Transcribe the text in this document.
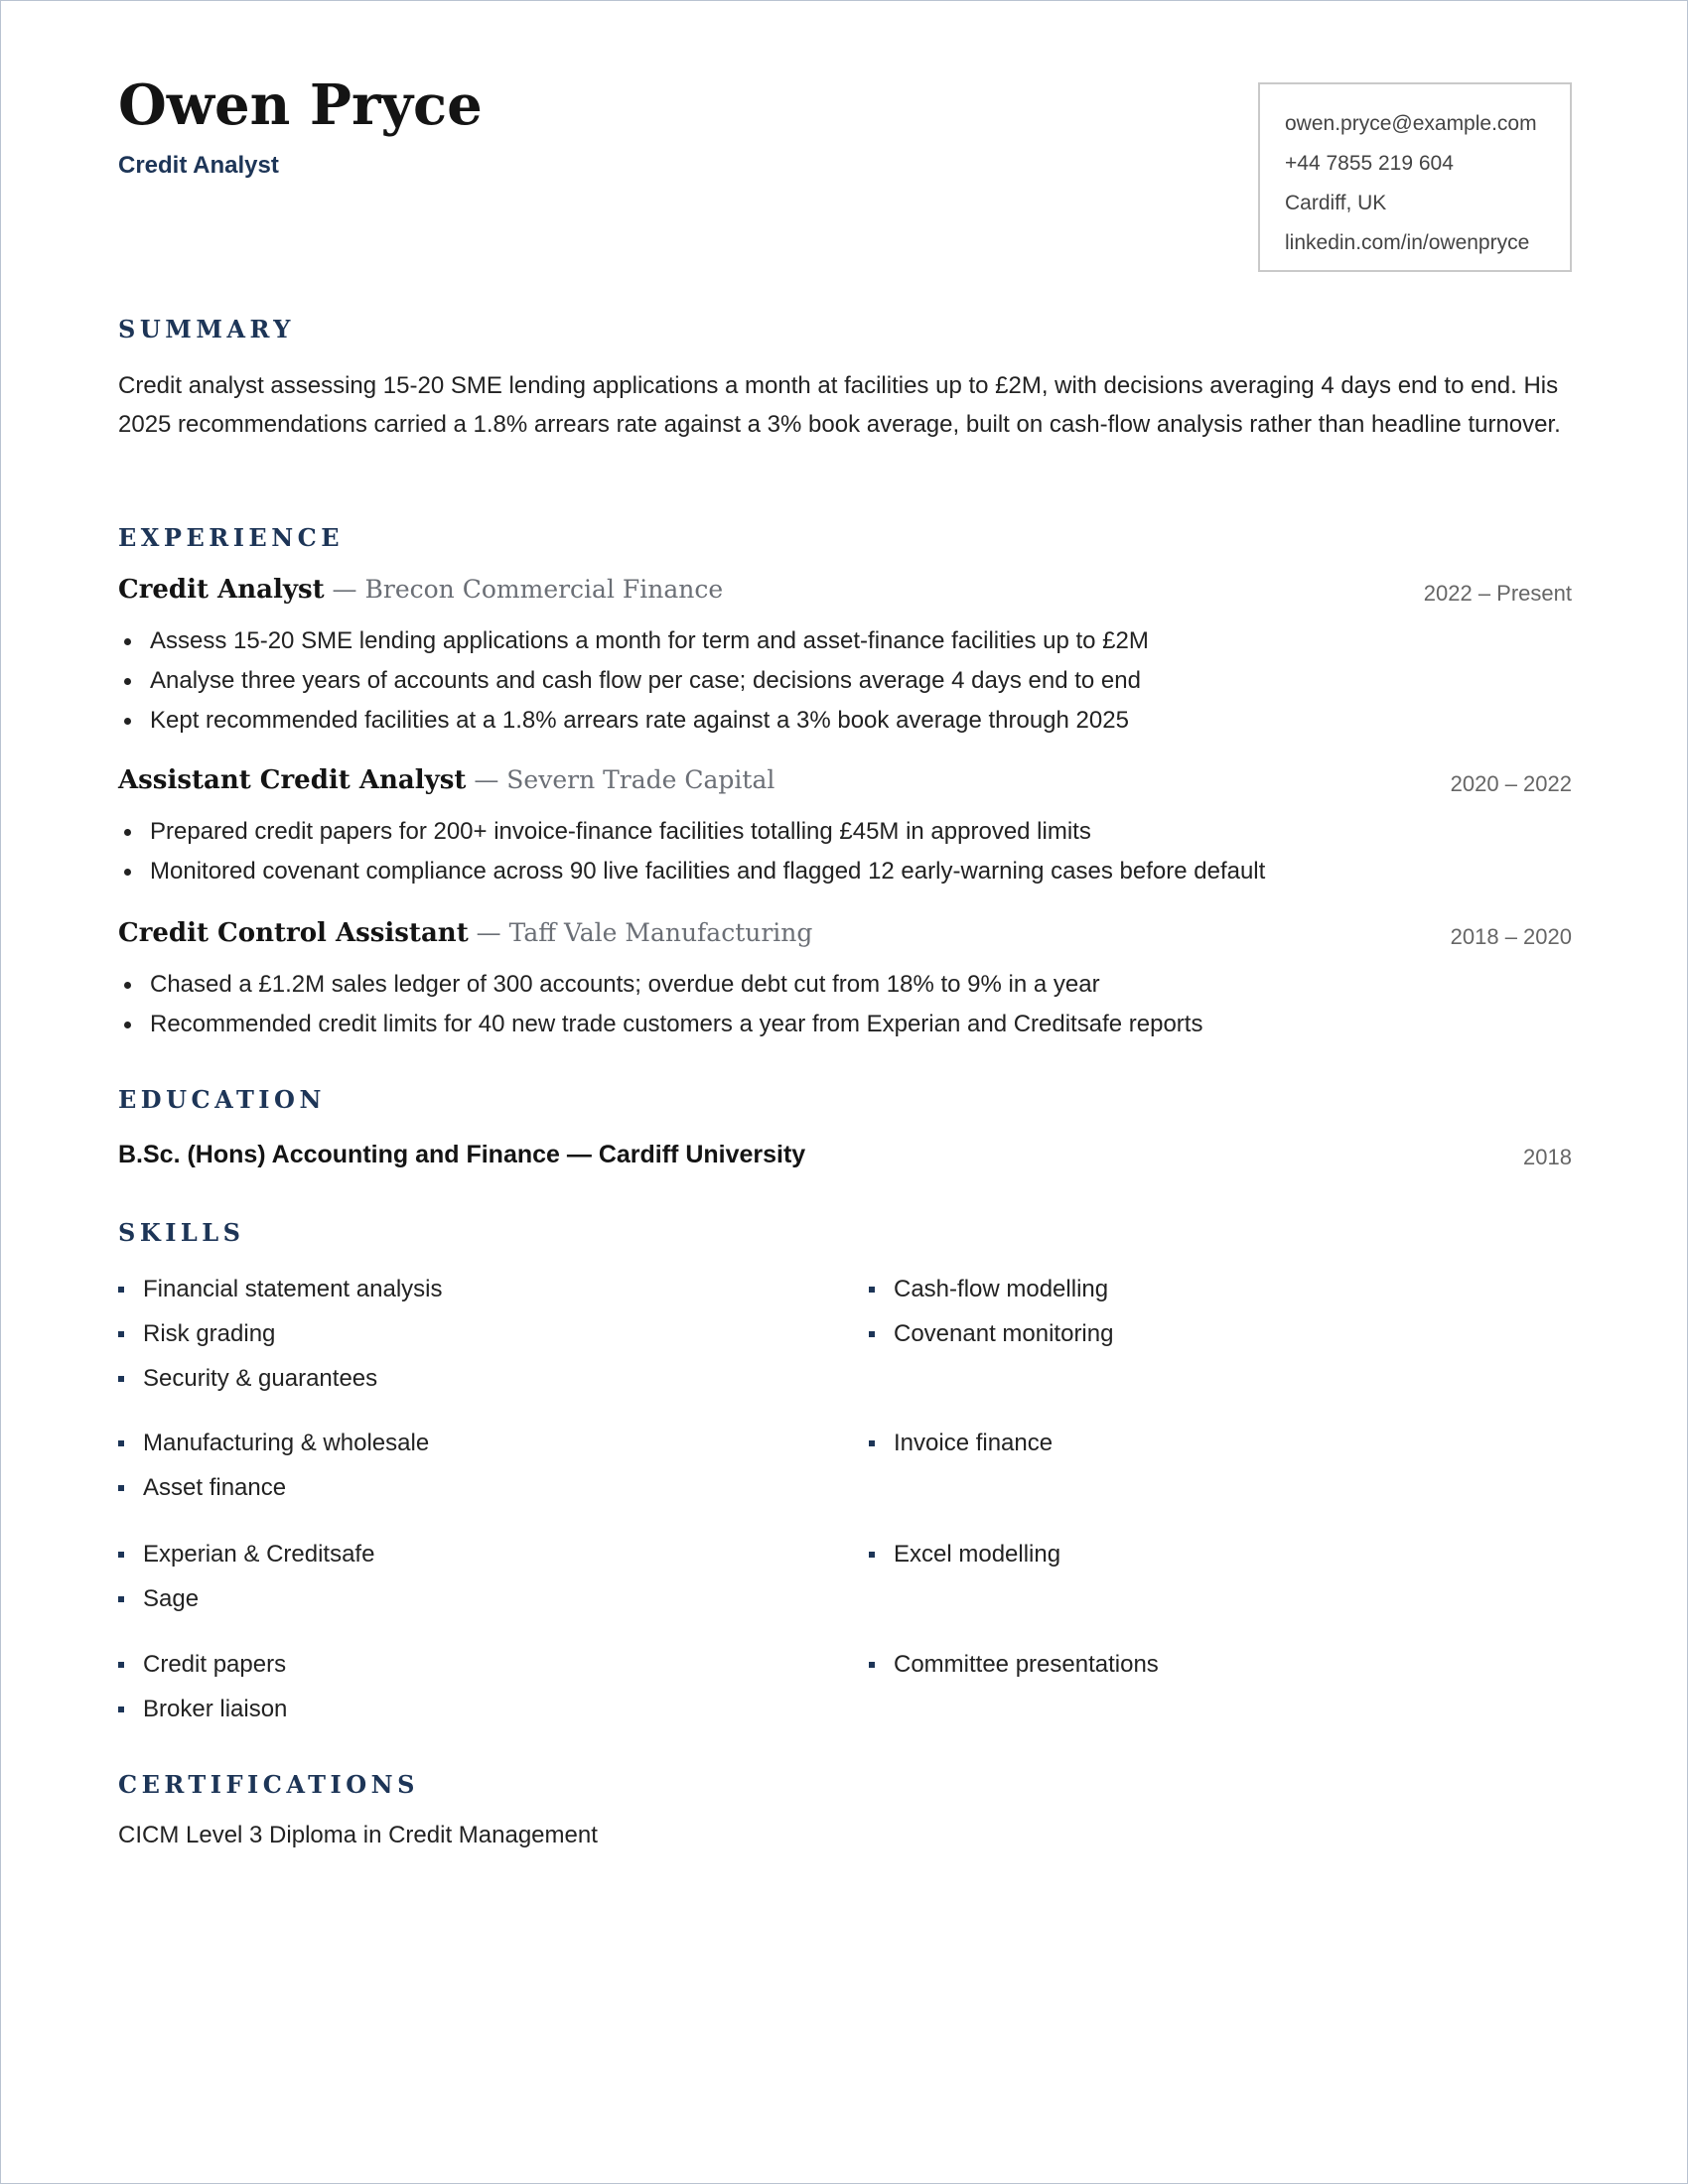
Owen Pryce
Credit Analyst
owen.pryce@example.com
+44 7855 219 604
Cardiff, UK
linkedin.com/in/owenpryce
SUMMARY
Credit analyst assessing 15-20 SME lending applications a month at facilities up to £2M, with decisions averaging 4 days end to end. His 2025 recommendations carried a 1.8% arrears rate against a 3% book average, built on cash-flow analysis rather than headline turnover.
EXPERIENCE
Credit Analyst — Brecon Commercial Finance	2022 – Present
Assess 15-20 SME lending applications a month for term and asset-finance facilities up to £2M
Analyse three years of accounts and cash flow per case; decisions average 4 days end to end
Kept recommended facilities at a 1.8% arrears rate against a 3% book average through 2025
Assistant Credit Analyst — Severn Trade Capital	2020 – 2022
Prepared credit papers for 200+ invoice-finance facilities totalling £45M in approved limits
Monitored covenant compliance across 90 live facilities and flagged 12 early-warning cases before default
Credit Control Assistant — Taff Vale Manufacturing	2018 – 2020
Chased a £1.2M sales ledger of 300 accounts; overdue debt cut from 18% to 9% in a year
Recommended credit limits for 40 new trade customers a year from Experian and Creditsafe reports
EDUCATION
B.Sc. (Hons) Accounting and Finance — Cardiff University	2018
SKILLS
Financial statement analysis
Risk grading
Security & guarantees
Cash-flow modelling
Covenant monitoring
Manufacturing & wholesale
Asset finance
Invoice finance
Experian & Creditsafe
Sage
Excel modelling
Credit papers
Broker liaison
Committee presentations
CERTIFICATIONS
CICM Level 3 Diploma in Credit Management
